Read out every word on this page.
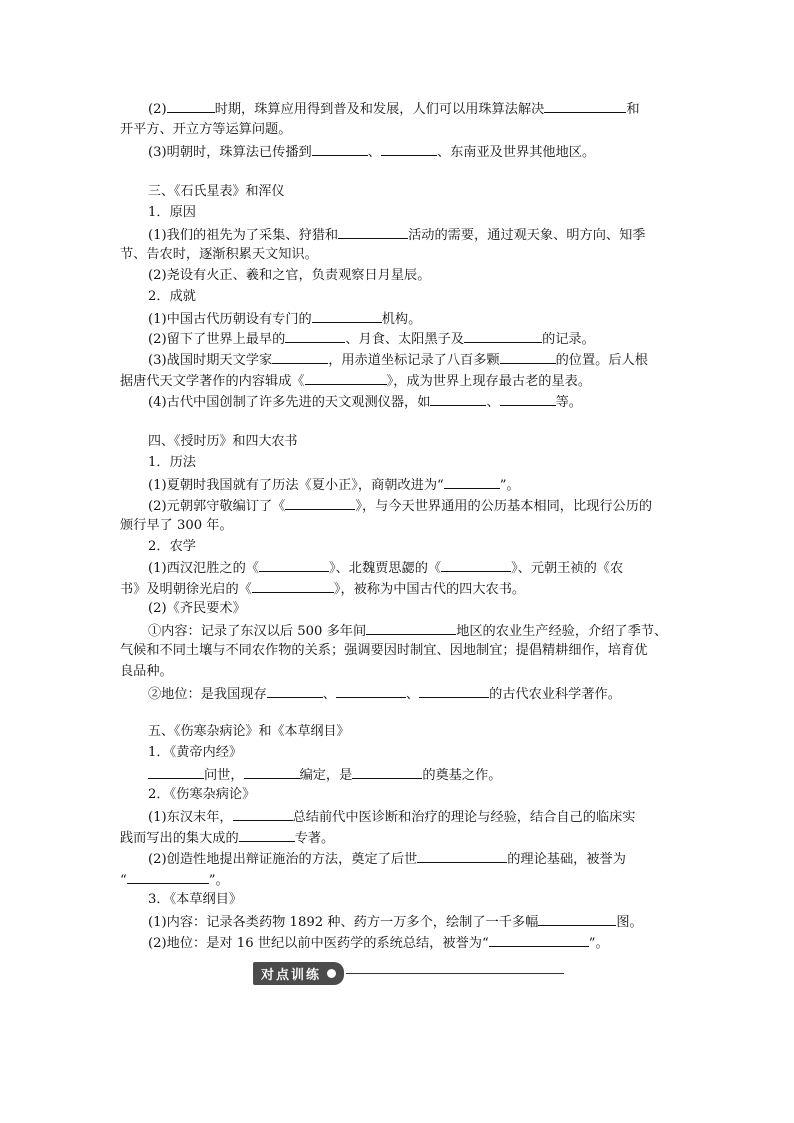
(2)	时期，珠算应用得到普及和发展，人们可以用珠算法解决	和
开平方、开立方等运算问题。
(3)明朝时，珠算法已传播到	、	、东南亚及世界其他地区。
三、《石氏星表》和浑仪
1．原因
(1)我们的祖先为了采集、狩猎和	活动的需要，通过观天象、明方向、知季
节、告农时，逐渐积累天文知识。
(2)尧设有火正、羲和之官，负责观察日月星辰。
2．成就
(1)中国古代历朝设有专门的	机构。
(2)留下了世界上最早的	、月食、太阳黑子及	的记录。
(3)战国时期天文学家	，用赤道坐标记录了八百多颗	的位置。后人根
据唐代天文学著作的内容辑成《	》，成为世界上现存最古老的星表。
(4)古代中国创制了许多先进的天文观测仪器，如	、	等。
四、《授时历》和四大农书
1．历法
(1)夏朝时我国就有了历法《夏小正》，商朝改进为“	”。
(2)元朝郭守敬编订了《	》，与今天世界通用的公历基本相同，比现行公历的
颁行早了 300 年。
2．农学
(1)西汉氾胜之的《	》、北魏贾思勰的《	》、元朝王祯的《农
书》及明朝徐光启的《	》，被称为中国古代的四大农书。
(2)《齐民要术》
①内容：记录了东汉以后 500 多年间	地区的农业生产经验，介绍了季节、
气候和不同土壤与不同农作物的关系；强调要因时制宜、因地制宜；提倡精耕细作，培育优
良品种。
②地位：是我国现存	、	、	的古代农业科学著作。
五、《伤寒杂病论》和《本草纲目》
1．《黄帝内经》
问世，	编定，是	的奠基之作。
2．《伤寒杂病论》
(1)东汉末年，	总结前代中医诊断和治疗的理论与经验，结合自己的临床实
践而写出的集大成的	专著。
(2)创造性地提出辩证施治的方法，奠定了后世	的理论基础，被誉为
“	”。
3．《本草纲目》
(1)内容：记录各类药物 1892 种、药方一万多个，绘制了一千多幅	图。
(2)地位：是对 16 世纪以前中医药学的系统总结，被誉为“	”。
对点训练
